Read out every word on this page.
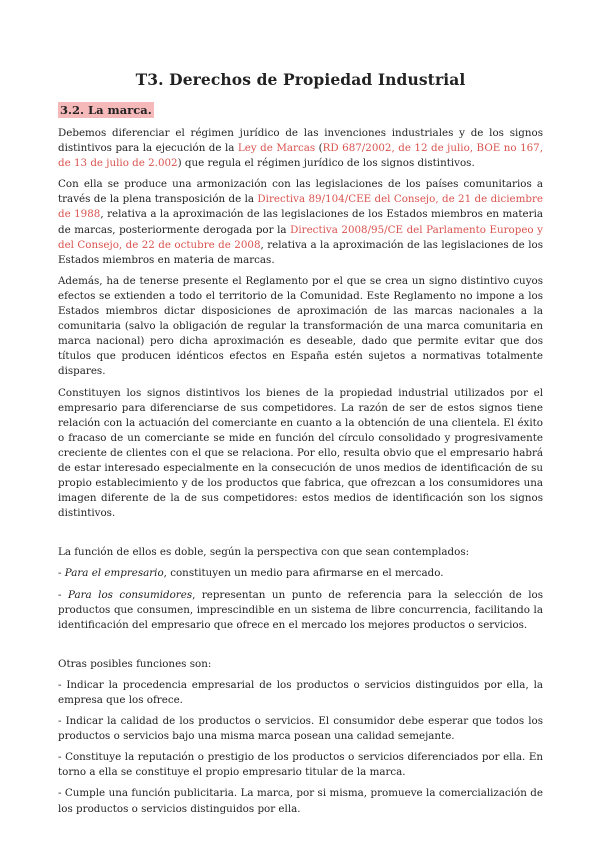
T3. Derechos de Propiedad Industrial
3.2. La marca.

Debemos diferenciar el régimen jurídico de las invenciones industriales y de los signos distintivos para la ejecución de la Ley de Marcas (RD 687/2002, de 12 de julio, BOE no 167, de 13 de julio de 2.002) que regula el régimen jurídico de los signos distintivos.

Con ella se produce una armonización con las legislaciones de los países comunitarios a través de la plena transposición de la Directiva 89/104/CEE del Consejo, de 21 de diciembre de 1988, relativa a la aproximación de las legislaciones de los Estados miembros en materia de marcas, posteriormente derogada por la Directiva 2008/95/CE del Parlamento Europeo y del Consejo, de 22 de octubre de 2008, relativa a la aproximación de las legislaciones de los Estados miembros en materia de marcas.

Además, ha de tenerse presente el Reglamento por el que se crea un signo distintivo cuyos efectos se extienden a todo el territorio de la Comunidad. Este Reglamento no impone a los Estados miembros dictar disposiciones de aproximación de las marcas nacionales a la comunitaria (salvo la obligación de regular la transformación de una marca comunitaria en marca nacional) pero dicha aproximación es deseable, dado que permite evitar que dos títulos que producen idénticos efectos en España estén sujetos a normativas totalmente dispares.

Constituyen los signos distintivos los bienes de la propiedad industrial utilizados por el empresario para diferenciarse de sus competidores. La razón de ser de estos signos tiene relación con la actuación del comerciante en cuanto a la obtención de una clientela. El éxito o fracaso de un comerciante se mide en función del círculo consolidado y progresivamente creciente de clientes con el que se relaciona. Por ello, resulta obvio que el empresario habrá de estar interesado especialmente en la consecución de unos medios de identificación de su propio establecimiento y de los productos que fabrica, que ofrezcan a los consumidores una imagen diferente de la de sus competidores: estos medios de identificación son los signos distintivos.

La función de ellos es doble, según la perspectiva con que sean contemplados:

- Para el empresario, constituyen un medio para afirmarse en el mercado.

- Para los consumidores, representan un punto de referencia para la selección de los productos que consumen, imprescindible en un sistema de libre concurrencia, facilitando la identificación del empresario que ofrece en el mercado los mejores productos o servicios.

Otras posibles funciones son:

- Indicar la procedencia empresarial de los productos o servicios distinguidos por ella, la empresa que los ofrece.

- Indicar la calidad de los productos o servicios. El consumidor debe esperar que todos los productos o servicios bajo una misma marca posean una calidad semejante.

- Constituye la reputación o prestigio de los productos o servicios diferenciados por ella. En torno a ella se constituye el propio empresario titular de la marca.

- Cumple una función publicitaria. La marca, por si misma, promueve la comercialización de los productos o servicios distinguidos por ella.
